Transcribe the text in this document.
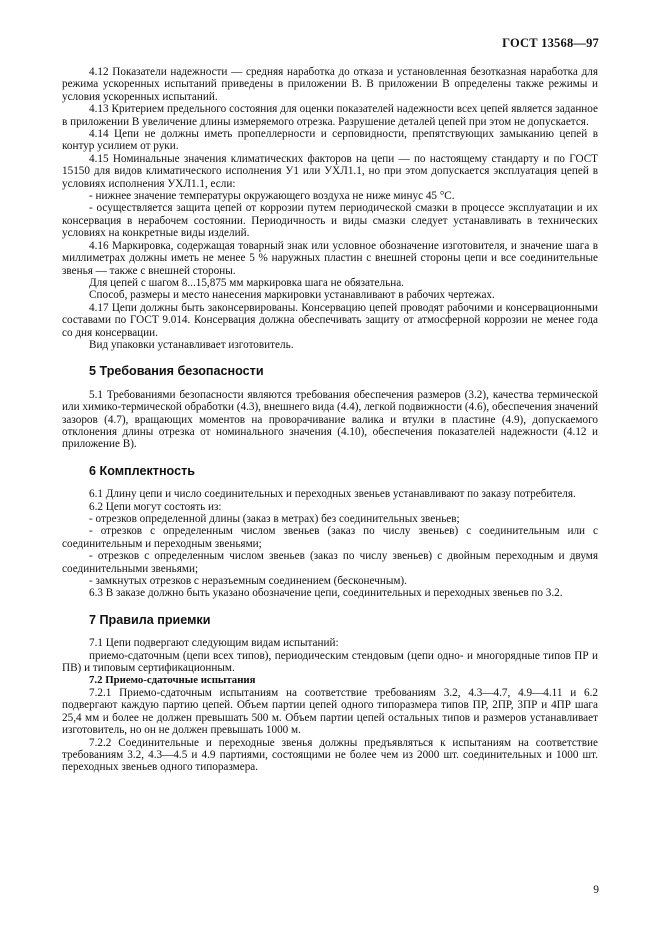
ГОСТ 13568—97

4.12 Показатели надежности — средняя наработка до отказа и установленная безотказная наработка для режима ускоренных испытаний приведены в приложении В. В приложении В определены также режимы и условия ускоренных испытаний.

4.13 Критерием предельного состояния для оценки показателей надежности всех цепей является заданное в приложении В увеличение длины измеряемого отрезка. Разрушение деталей цепей при этом не допускается.

4.14 Цепи не должны иметь пропеллерности и серповидности, препятствующих замыканию цепей в контур усилием от руки.

4.15 Номинальные значения климатических факторов на цепи — по настоящему стандарту и по ГОСТ 15150 для видов климатического исполнения У1 или УХЛ1.1, но при этом допускается эксплуатация цепей в условиях исполнения УХЛ1.1, если:

- нижнее значение температуры окружающего воздуха не ниже минус 45 °С.

- осуществляется защита цепей от коррозии путем периодической смазки в процессе эксплуатации и их консервация в нерабочем состоянии. Периодичность и виды смазки следует устанавливать в технических условиях на конкретные виды изделий.

4.16 Маркировка, содержащая товарный знак или условное обозначение изготовителя, и значение шага в миллиметрах должны иметь не менее 5 % наружных пластин с внешней стороны цепи и все соединительные звенья — также с внешней стороны.

Для цепей с шагом 8...15,875 мм маркировка шага не обязательна.

Способ, размеры и место нанесения маркировки устанавливают в рабочих чертежах.

4.17 Цепи должны быть законсервированы. Консервацию цепей проводят рабочими и консервационными составами по ГОСТ 9.014. Консервация должна обеспечивать защиту от атмосферной коррозии не менее года со дня консервации.

Вид упаковки устанавливает изготовитель.

5 Требования безопасности

5.1 Требованиями безопасности являются требования обеспечения размеров (3.2), качества термической или химико-термической обработки (4.3), внешнего вида (4.4), легкой подвижности (4.6), обеспечения значений зазоров (4.7), вращающих моментов на проворачивание валика и втулки в пластине (4.9), допускаемого отклонения длины отрезка от номинального значения (4.10), обеспечения показателей надежности (4.12 и приложение В).

6 Комплектность

6.1 Длину цепи и число соединительных и переходных звеньев устанавливают по заказу потребителя.

6.2 Цепи могут состоять из:

- отрезков определенной длины (заказ в метрах) без соединительных звеньев;

- отрезков с определенным числом звеньев (заказ по числу звеньев) с соединительным или с соединительным и переходным звеньями;

- отрезков с определенным числом звеньев (заказ по числу звеньев) с двойным переходным и двумя соединительными звеньями;

- замкнутых отрезков с неразъемным соединением (бесконечным).

6.3 В заказе должно быть указано обозначение цепи, соединительных и переходных звеньев по 3.2.

7 Правила приемки

7.1 Цепи подвергают следующим видам испытаний:

приемо-сдаточным (цепи всех типов), периодическим стендовым (цепи одно- и многорядные типов ПР и ПВ) и типовым сертификационным.

7.2 Приемо-сдаточные испытания

7.2.1 Приемо-сдаточным испытаниям на соответствие требованиям 3.2, 4.3—4.7, 4.9—4.11 и 6.2 подвергают каждую партию цепей. Объем партии цепей одного типоразмера типов ПР, 2ПР, 3ПР и 4ПР шага 25,4 мм и более не должен превышать 500 м. Объем партии цепей остальных типов и размеров устанавливает изготовитель, но он не должен превышать 1000 м.

7.2.2 Соединительные и переходные звенья должны предъявляться к испытаниям на соответствие требованиям 3.2, 4.3—4.5 и 4.9 партиями, состоящими не более чем из 2000 шт. соединительных и 1000 шт. переходных звеньев одного типоразмера.

9
